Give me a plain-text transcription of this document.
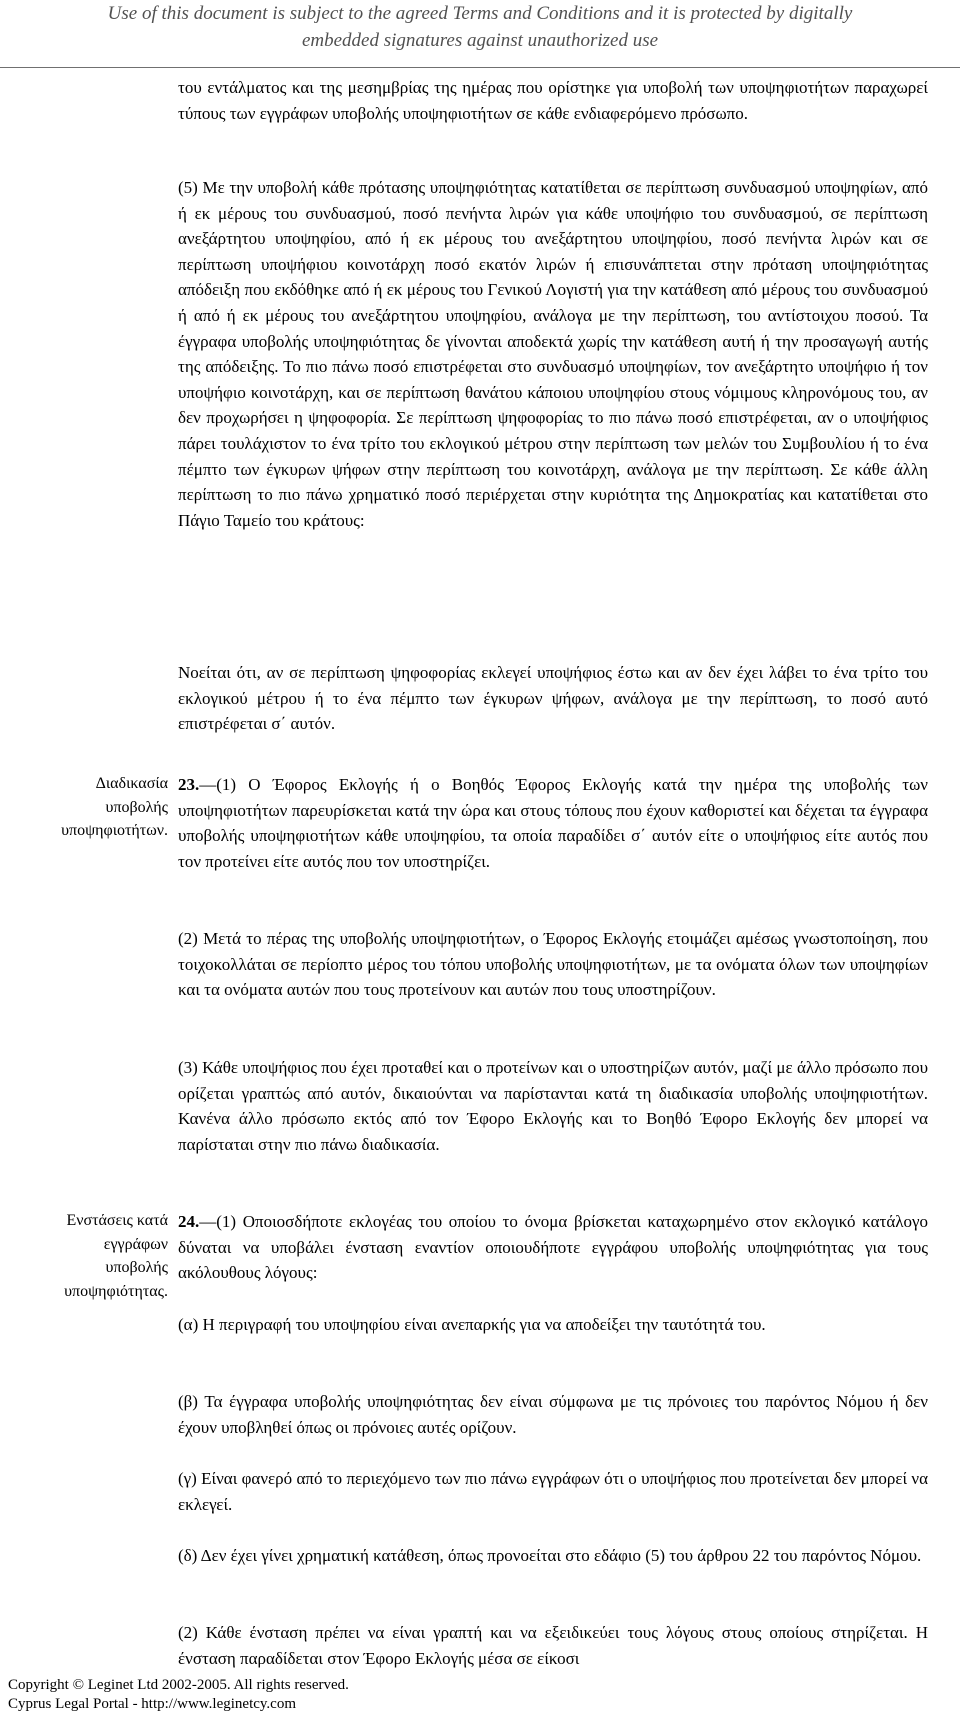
Use of this document is subject to the agreed Terms and Conditions and it is protected by digitally
embedded signatures against unauthorized use
του εντάλματος και της μεσημβρίας της ημέρας που ορίστηκε για υποβολή των υποψηφιοτήτων παραχωρεί τύπους των εγγράφων υποβολής υποψηφιοτήτων σε κάθε ενδιαφερόμενο πρόσωπο.
(5) Με την υποβολή κάθε πρότασης υποψηφιότητας κατατίθεται σε περίπτωση συνδυασμού υποψηφίων, από ή εκ μέρους του συνδυασμού, ποσό πενήντα λιρών για κάθε υποψήφιο του συνδυασμού, σε περίπτωση ανεξάρτητου υποψηφίου, από ή εκ μέρους του ανεξάρτητου υποψηφίου, ποσό πενήντα λιρών και σε περίπτωση υποψήφιου κοινοτάρχη ποσό εκατόν λιρών ή επισυνάπτεται στην πρόταση υποψηφιότητας απόδειξη που εκδόθηκε από ή εκ μέρους του Γενικού Λογιστή για την κατάθεση από μέρους του συνδυασμού ή από ή εκ μέρους του ανεξάρτητου υποψηφίου, ανάλογα με την περίπτωση, του αντίστοιχου ποσού. Τα έγγραφα υποβολής υποψηφιότητας δε γίνονται αποδεκτά χωρίς την κατάθεση αυτή ή την προσαγωγή αυτής της απόδειξης. Το πιο πάνω ποσό επιστρέφεται στο συνδυασμό υποψηφίων, τον ανεξάρτητο υποψήφιο ή τον υποψήφιο κοινοτάρχη, και σε περίπτωση θανάτου κάποιου υποψηφίου στους νόμιμους κληρονόμους του, αν δεν προχωρήσει η ψηφοφορία. Σε περίπτωση ψηφοφορίας το πιο πάνω ποσό επιστρέφεται, αν ο υποψήφιος πάρει τουλάχιστον το ένα τρίτο του εκλογικού μέτρου στην περίπτωση των μελών του Συμβουλίου ή το ένα πέμπτο των έγκυρων ψήφων στην περίπτωση του κοινοτάρχη, ανάλογα με την περίπτωση. Σε κάθε άλλη περίπτωση το πιο πάνω χρηματικό ποσό περιέρχεται στην κυριότητα της Δημοκρατίας και κατατίθεται στο Πάγιο Ταμείο του κράτους:
Νοείται ότι, αν σε περίπτωση ψηφοφορίας εκλεγεί υποψήφιος έστω και αν δεν έχει λάβει το ένα τρίτο του εκλογικού μέτρου ή το ένα πέμπτο των έγκυρων ψήφων, ανάλογα με την περίπτωση, το ποσό αυτό επιστρέφεται σ΄ αυτόν.
Διαδικασία
υποβολής
υποψηφιοτήτων.
23.—(1) Ο Έφορος Εκλογής ή ο Βοηθός Έφορος Εκλογής κατά την ημέρα της υποβολής των υποψηφιοτήτων παρευρίσκεται κατά την ώρα και στους τόπους που έχουν καθοριστεί και δέχεται τα έγγραφα υποβολής υποψηφιοτήτων κάθε υποψηφίου, τα οποία παραδίδει σ΄ αυτόν είτε ο υποψήφιος είτε αυτός που τον προτείνει είτε αυτός που τον υποστηρίζει.
(2) Μετά το πέρας της υποβολής υποψηφιοτήτων, ο Έφορος Εκλογής ετοιμάζει αμέσως γνωστοποίηση, που τοιχοκολλάται σε περίοπτο μέρος του τόπου υποβολής υποψηφιοτήτων, με τα ονόματα όλων των υποψηφίων και τα ονόματα αυτών που τους προτείνουν και αυτών που τους υποστηρίζουν.
(3) Κάθε υποψήφιος που έχει προταθεί και ο προτείνων και ο υποστηρίζων αυτόν, μαζί με άλλο πρόσωπο που ορίζεται γραπτώς από αυτόν, δικαιούνται να παρίστανται κατά τη διαδικασία υποβολής υποψηφιοτήτων. Κανένα άλλο πρόσωπο εκτός από τον Έφορο Εκλογής και το Βοηθό Έφορο Εκλογής δεν μπορεί να παρίσταται στην πιο πάνω διαδικασία.
Ενστάσεις κατά
εγγράφων
υποβολής
υποψηφιότητας.
24.—(1) Οποιοσδήποτε εκλογέας του οποίου το όνομα βρίσκεται καταχωρημένο στον εκλογικό κατάλογο δύναται να υποβάλει ένσταση εναντίον οποιουδήποτε εγγράφου υποβολής υποψηφιότητας για τους ακόλουθους λόγους:
(α) Η περιγραφή του υποψηφίου είναι ανεπαρκής για να αποδείξει την ταυτότητά του.
(β) Τα έγγραφα υποβολής υποψηφιότητας δεν είναι σύμφωνα με τις πρόνοιες του παρόντος Νόμου ή δεν έχουν υποβληθεί όπως οι πρόνοιες αυτές ορίζουν.
(γ) Είναι φανερό από το περιεχόμενο των πιο πάνω εγγράφων ότι ο υποψήφιος που προτείνεται δεν μπορεί να εκλεγεί.
(δ) Δεν έχει γίνει χρηματική κατάθεση, όπως προνοείται στο εδάφιο (5) του άρθρου 22 του παρόντος Νόμου.
(2) Κάθε ένσταση πρέπει να είναι γραπτή και να εξειδικεύει τους λόγους στους οποίους στηρίζεται. Η ένσταση παραδίδεται στον Έφορο Εκλογής μέσα σε είκοσι
Copyright © Leginet Ltd 2002-2005. All rights reserved.
Cyprus Legal Portal - http://www.leginetcy.com
